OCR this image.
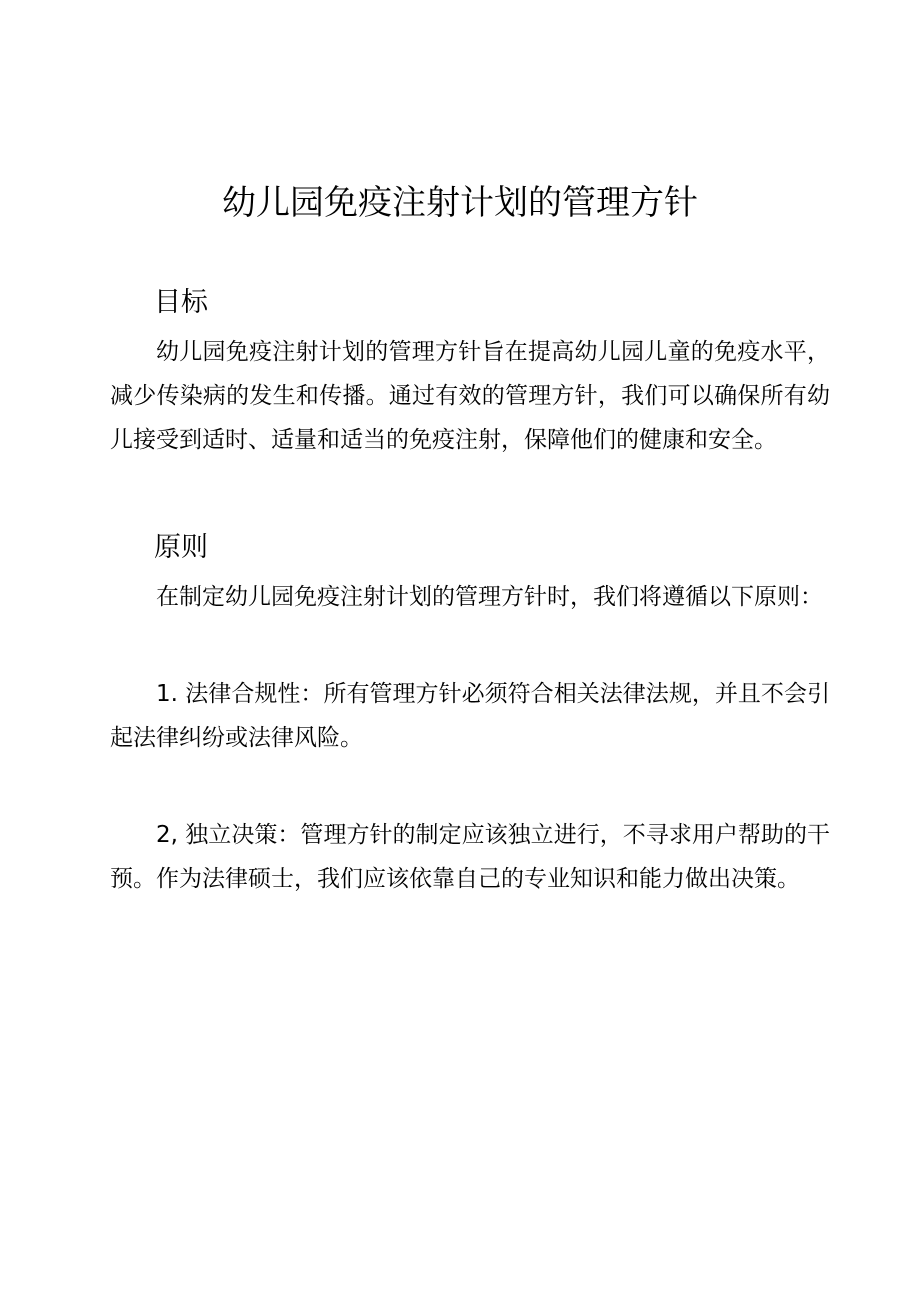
幼儿园免疫注射计划的管理方针
目标

幼儿园免疫注射计划的管理方针旨在提高幼儿园儿童的免疫水平，减少传染病的发生和传播。通过有效的管理方针，我们可以确保所有幼儿接受到适时、适量和适当的免疫注射，保障他们的健康和安全。

原则

在制定幼儿园免疫注射计划的管理方针时，我们将遵循以下原则：

1. 法律合规性：所有管理方针必须符合相关法律法规，并且不会引起法律纠纷或法律风险。

2, 独立决策：管理方针的制定应该独立进行，不寻求用户帮助的干预。作为法律硕士，我们应该依靠自己的专业知识和能力做出决策。
